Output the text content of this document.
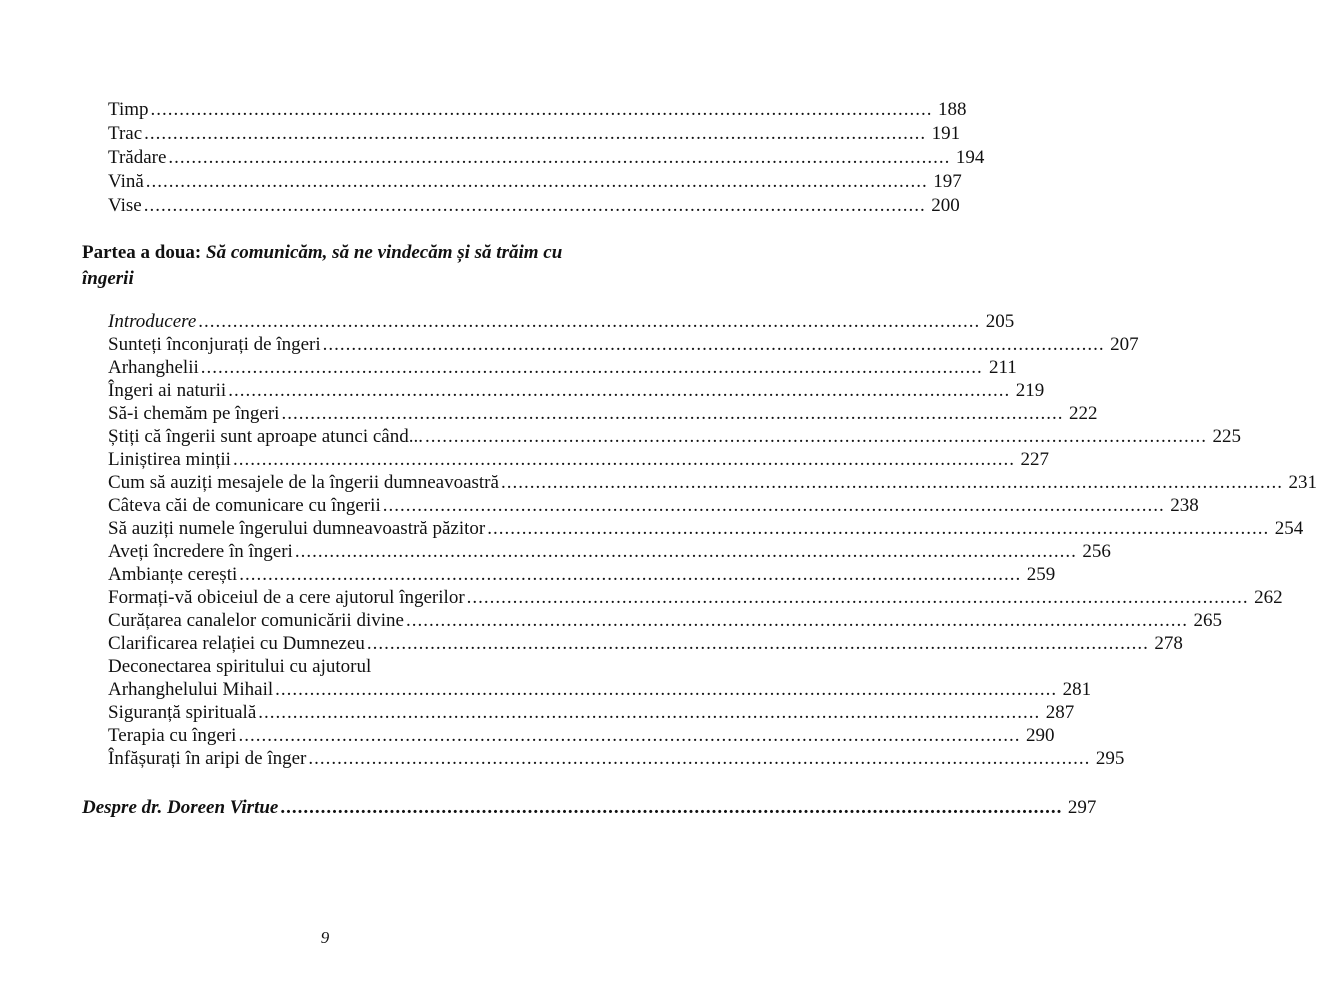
Timp ........................................................................................................................................ 188
Trac ........................................................................................................................................ 191
Trădare ........................................................................................................................................ 194
Vină ........................................................................................................................................ 197
Vise ........................................................................................................................................ 200
Partea a doua: Să comunicăm, să ne vindecăm și să trăim cu îngerii
Introducere ........................................................................................................................................ 205
Sunteți înconjurați de îngeri ........................................................................................................................................ 207
Arhanghelii ........................................................................................................................................ 211
Îngeri ai naturii ........................................................................................................................................ 219
Să-i chemăm pe îngeri ........................................................................................................................................ 222
Știți că îngerii sunt aproape atunci când... ........................................................................................................................................ 225
Liniștirea minții ........................................................................................................................................ 227
Cum să auziți mesajele de la îngerii dumneavoastră ........................................................................................................................................ 231
Câteva căi de comunicare cu îngerii ........................................................................................................................................ 238
Să auziți numele îngerului dumneavoastră păzitor ........................................................................................................................................ 254
Aveți încredere în îngeri ........................................................................................................................................ 256
Ambianțe cerești ........................................................................................................................................ 259
Formați-vă obiceiul de a cere ajutorul îngerilor ........................................................................................................................................ 262
Curățarea canalelor comunicării divine ........................................................................................................................................ 265
Clarificarea relației cu Dumnezeu ........................................................................................................................................ 278
Deconectarea spiritului cu ajutorul
Arhanghelului Mihail ........................................................................................................................................ 281
Siguranță spirituală ........................................................................................................................................ 287
Terapia cu îngeri ........................................................................................................................................ 290
Înfășurați în aripi de înger ........................................................................................................................................ 295
Despre dr. Doreen Virtue ........................................................................................................................................ 297
9
